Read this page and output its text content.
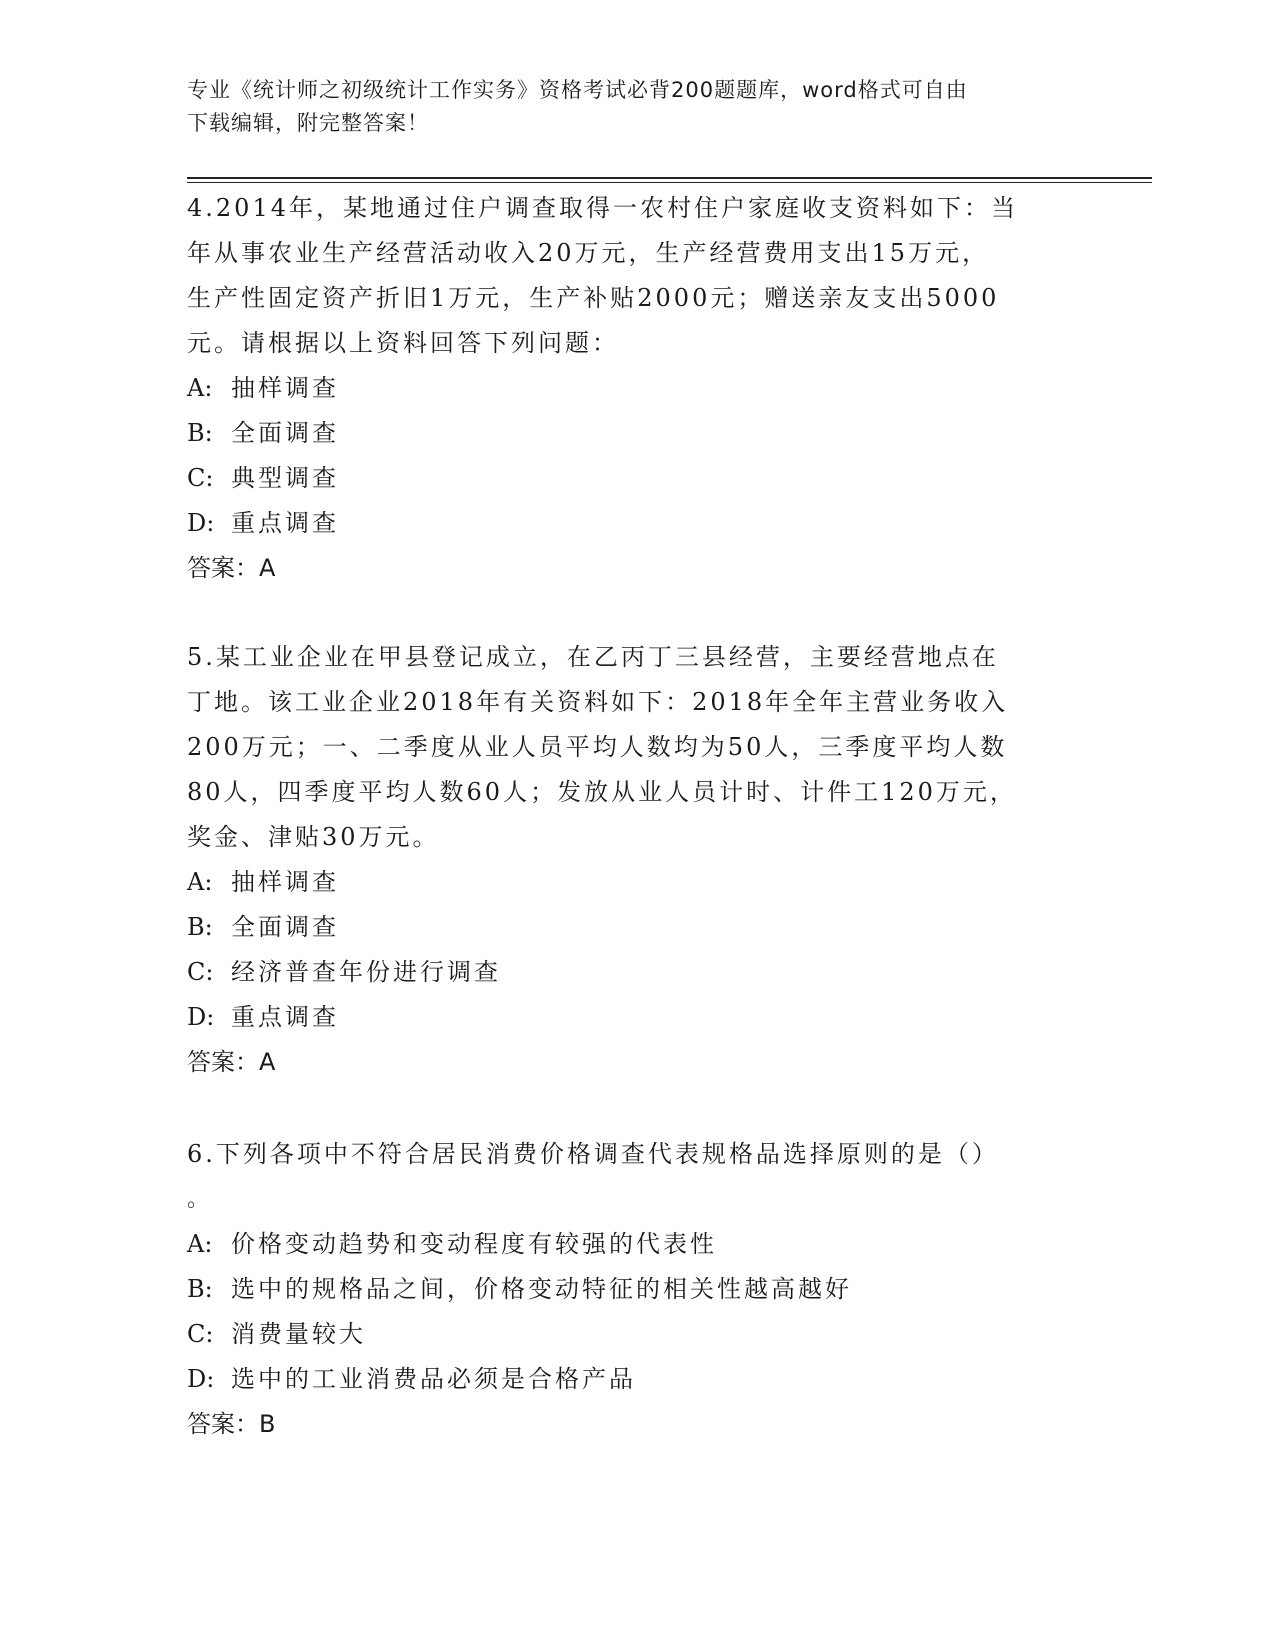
专业《统计师之初级统计工作实务》资格考试必背200题题库，word格式可自由
下载编辑，附完整答案！

4.2014年，某地通过住户调查取得一农村住户家庭收支资料如下：当

年从事农业生产经营活动收入20万元，生产经营费用支出15万元，

生产性固定资产折旧1万元，生产补贴2000元；赠送亲友支出5000

元。请根据以上资料回答下列问题：

A: 抽样调查

B: 全面调查

C: 典型调查

D: 重点调查

答案：A

5.某工业企业在甲县登记成立，在乙丙丁三县经营，主要经营地点在

丁地。该工业企业2018年有关资料如下：2018年全年主营业务收入

200万元；一、二季度从业人员平均人数均为50人，三季度平均人数

80人，四季度平均人数60人；发放从业人员计时、计件工120万元，

奖金、津贴30万元。

A: 抽样调查

B: 全面调查

C: 经济普查年份进行调查

D: 重点调查

答案：A

6.下列各项中不符合居民消费价格调查代表规格品选择原则的是（）

。

A: 价格变动趋势和变动程度有较强的代表性

B: 选中的规格品之间，价格变动特征的相关性越高越好

C: 消费量较大

D: 选中的工业消费品必须是合格产品

答案：B
